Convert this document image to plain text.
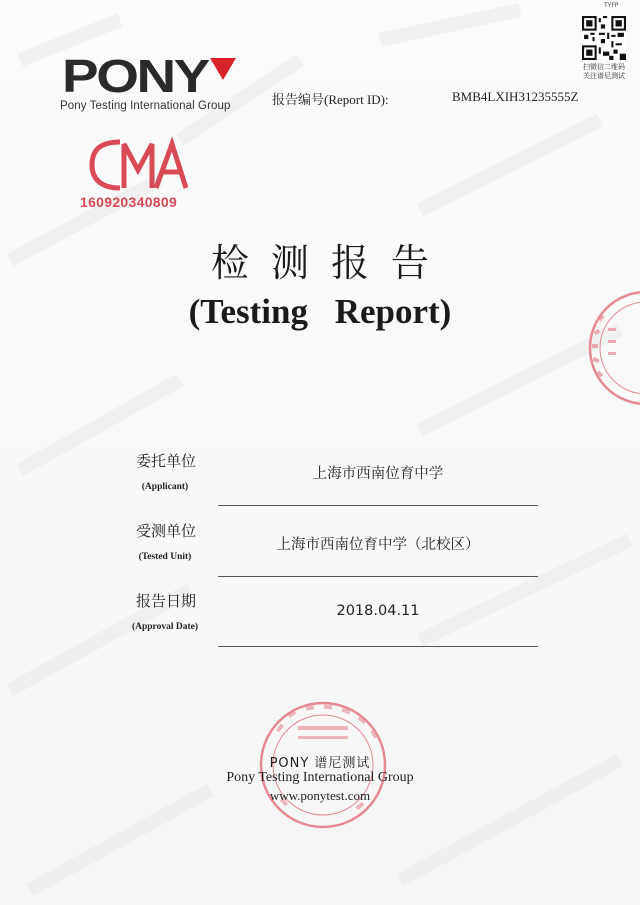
TYFP
扫微信二维码
关注谱尼测试
PONY
Pony Testing International Group	报告编号(Report ID):	BMB4LXIH31235555Z
160920340809
检测报告
(Testing Report)
委托单位
(Applicant)
上海市西南位育中学
受测单位
(Tested Unit)
上海市西南位育中学（北校区）
报告日期
(Approval Date)
2018.04.11
PONY 谱尼测试
Pony Testing International Group
www.ponytest.com
